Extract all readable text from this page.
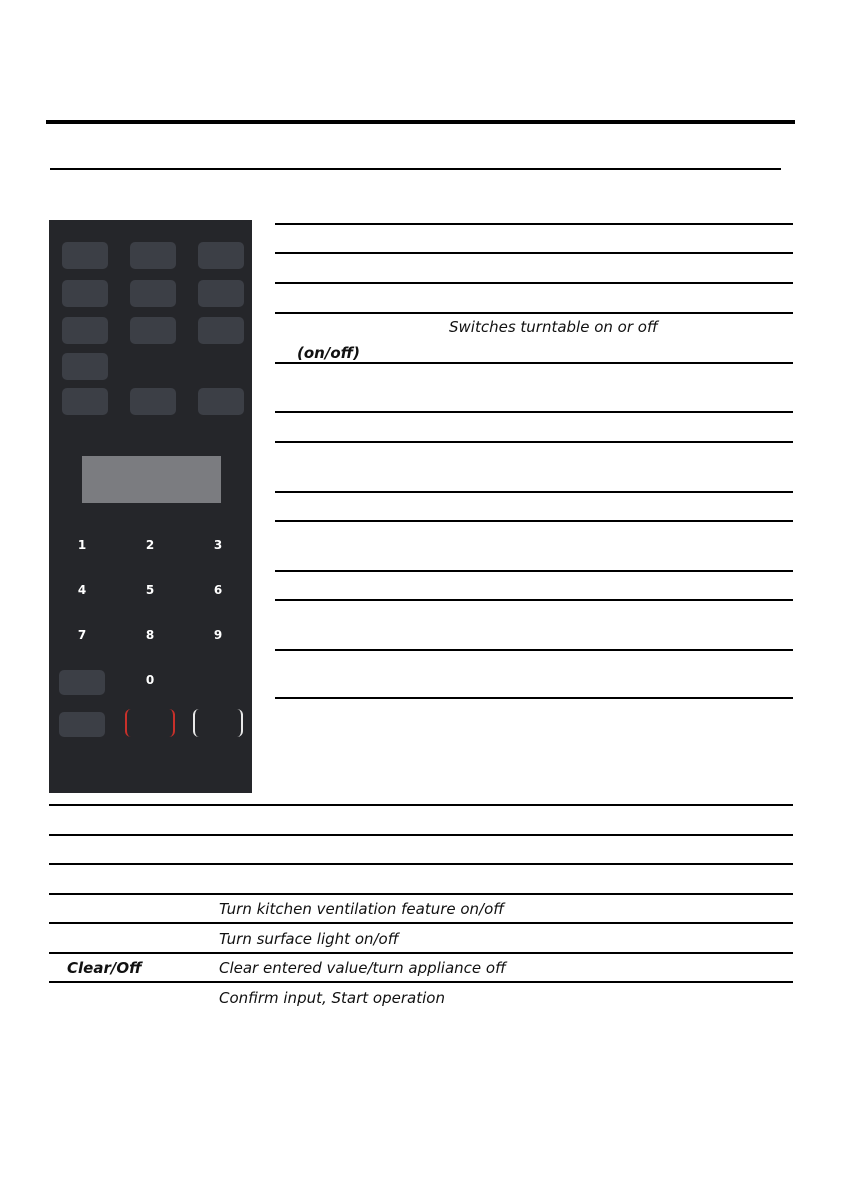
1	2	3
4	5	6
7	8	9
0
Switches turntable on or off
(on/off)
Turn kitchen ventilation feature on/off
Turn surface light on/off
Clear/Off	Clear entered value/turn appliance off
Confirm input, Start operation
